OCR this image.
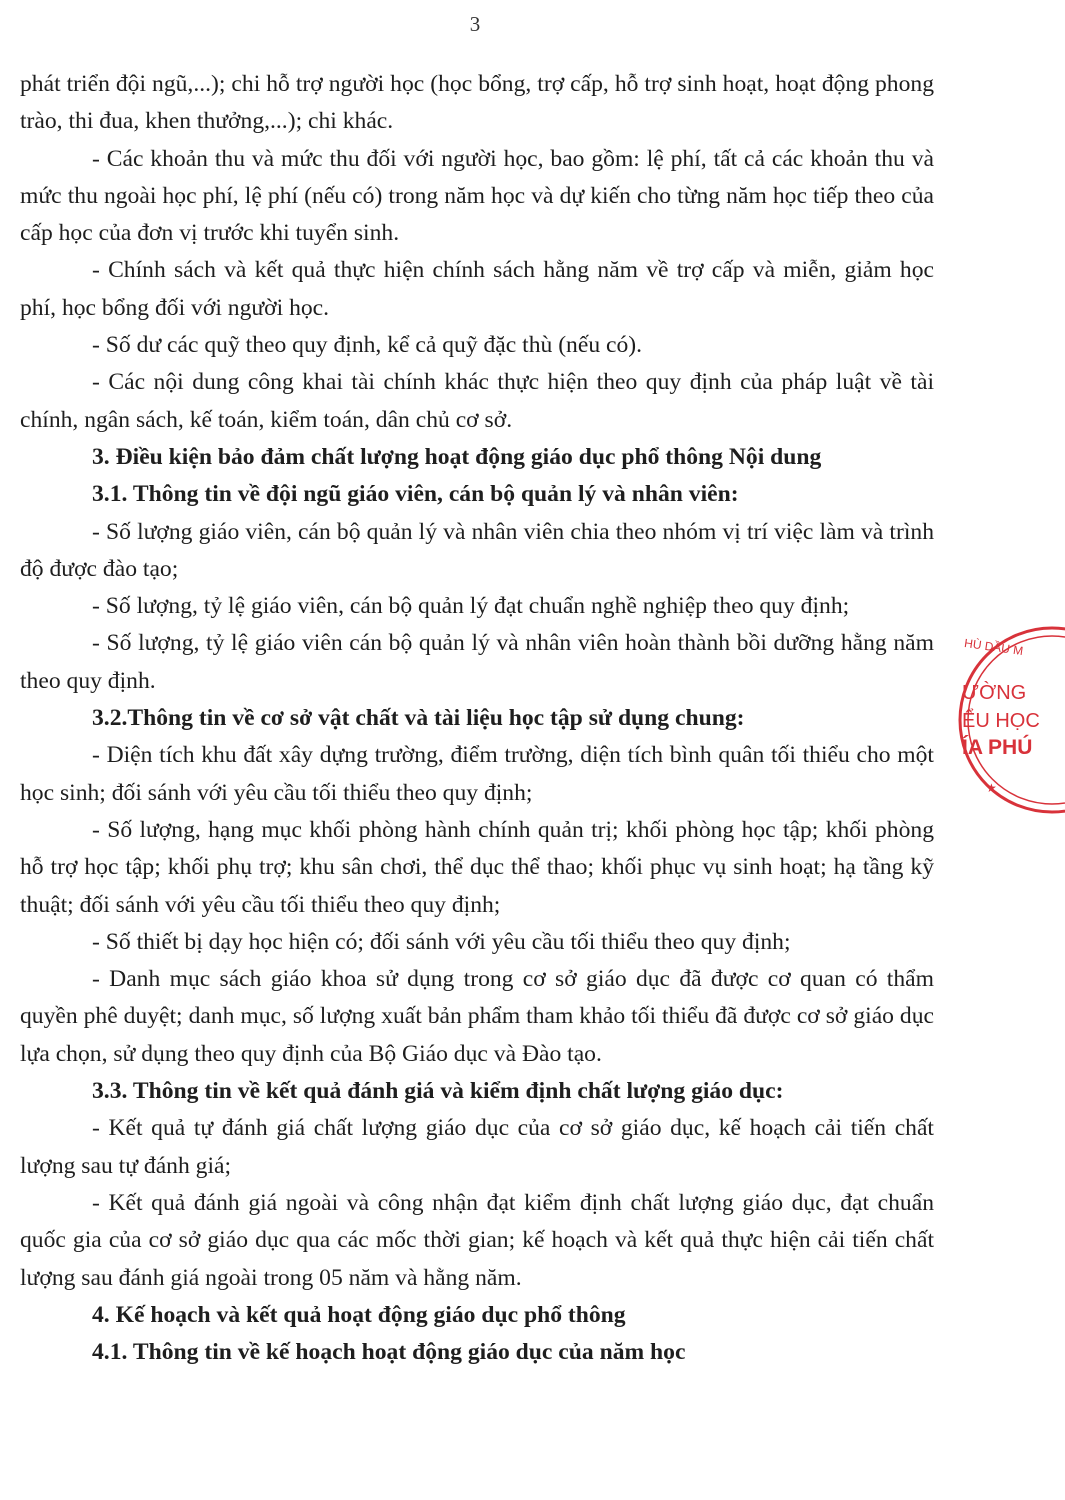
3

phát triển đội ngũ,...); chi hỗ trợ người học (học bổng, trợ cấp, hỗ trợ sinh hoạt, hoạt động phong trào, thi đua, khen thưởng,...); chi khác.

- Các khoản thu và mức thu đối với người học, bao gồm: lệ phí, tất cả các khoản thu và mức thu ngoài học phí, lệ phí (nếu có) trong năm học và dự kiến cho từng năm học tiếp theo của cấp học của đơn vị trước khi tuyển sinh.

- Chính sách và kết quả thực hiện chính sách hằng năm về trợ cấp và miễn, giảm học phí, học bổng đối với người học.

- Số dư các quỹ theo quy định, kể cả quỹ đặc thù (nếu có).

- Các nội dung công khai tài chính khác thực hiện theo quy định của pháp luật về tài chính, ngân sách, kế toán, kiểm toán, dân chủ cơ sở.

3. Điều kiện bảo đảm chất lượng hoạt động giáo dục phổ thông Nội dung

3.1. Thông tin về đội ngũ giáo viên, cán bộ quản lý và nhân viên:

- Số lượng giáo viên, cán bộ quản lý và nhân viên chia theo nhóm vị trí việc làm và trình độ được đào tạo;

- Số lượng, tỷ lệ giáo viên, cán bộ quản lý đạt chuẩn nghề nghiệp theo quy định;

- Số lượng, tỷ lệ giáo viên cán bộ quản lý và nhân viên hoàn thành bồi dưỡng hằng năm theo quy định.

3.2.Thông tin về cơ sở vật chất và tài liệu học tập sử dụng chung:

- Diện tích khu đất xây dựng trường, điểm trường, diện tích bình quân tối thiểu cho một học sinh; đối sánh với yêu cầu tối thiểu theo quy định;

- Số lượng, hạng mục khối phòng hành chính quản trị; khối phòng học tập; khối phòng hỗ trợ học tập; khối phụ trợ; khu sân chơi, thể dục thể thao; khối phục vụ sinh hoạt; hạ tầng kỹ thuật; đối sánh với yêu cầu tối thiểu theo quy định;

- Số thiết bị dạy học hiện có; đối sánh với yêu cầu tối thiểu theo quy định;

- Danh mục sách giáo khoa sử dụng trong cơ sở giáo dục đã được cơ quan có thẩm quyền phê duyệt; danh mục, số lượng xuất bản phẩm tham khảo tối thiểu đã được cơ sở giáo dục lựa chọn, sử dụng theo quy định của Bộ Giáo dục và Đào tạo.

3.3. Thông tin về kết quả đánh giá và kiểm định chất lượng giáo dục:

- Kết quả tự đánh giá chất lượng giáo dục của cơ sở giáo dục, kế hoạch cải tiến chất lượng sau tự đánh giá;

- Kết quả đánh giá ngoài và công nhận đạt kiểm định chất lượng giáo dục, đạt chuẩn quốc gia của cơ sở giáo dục qua các mốc thời gian; kế hoạch và kết quả thực hiện cải tiến chất lượng sau đánh giá ngoài trong 05 năm và hằng năm.

4. Kế hoạch và kết quả hoạt động giáo dục phổ thông

4.1. Thông tin về kế hoạch hoạt động giáo dục của năm học

★
HÙ DẦU M
ƯỜNG
ỂU HỌC
ÍA PHÚ
